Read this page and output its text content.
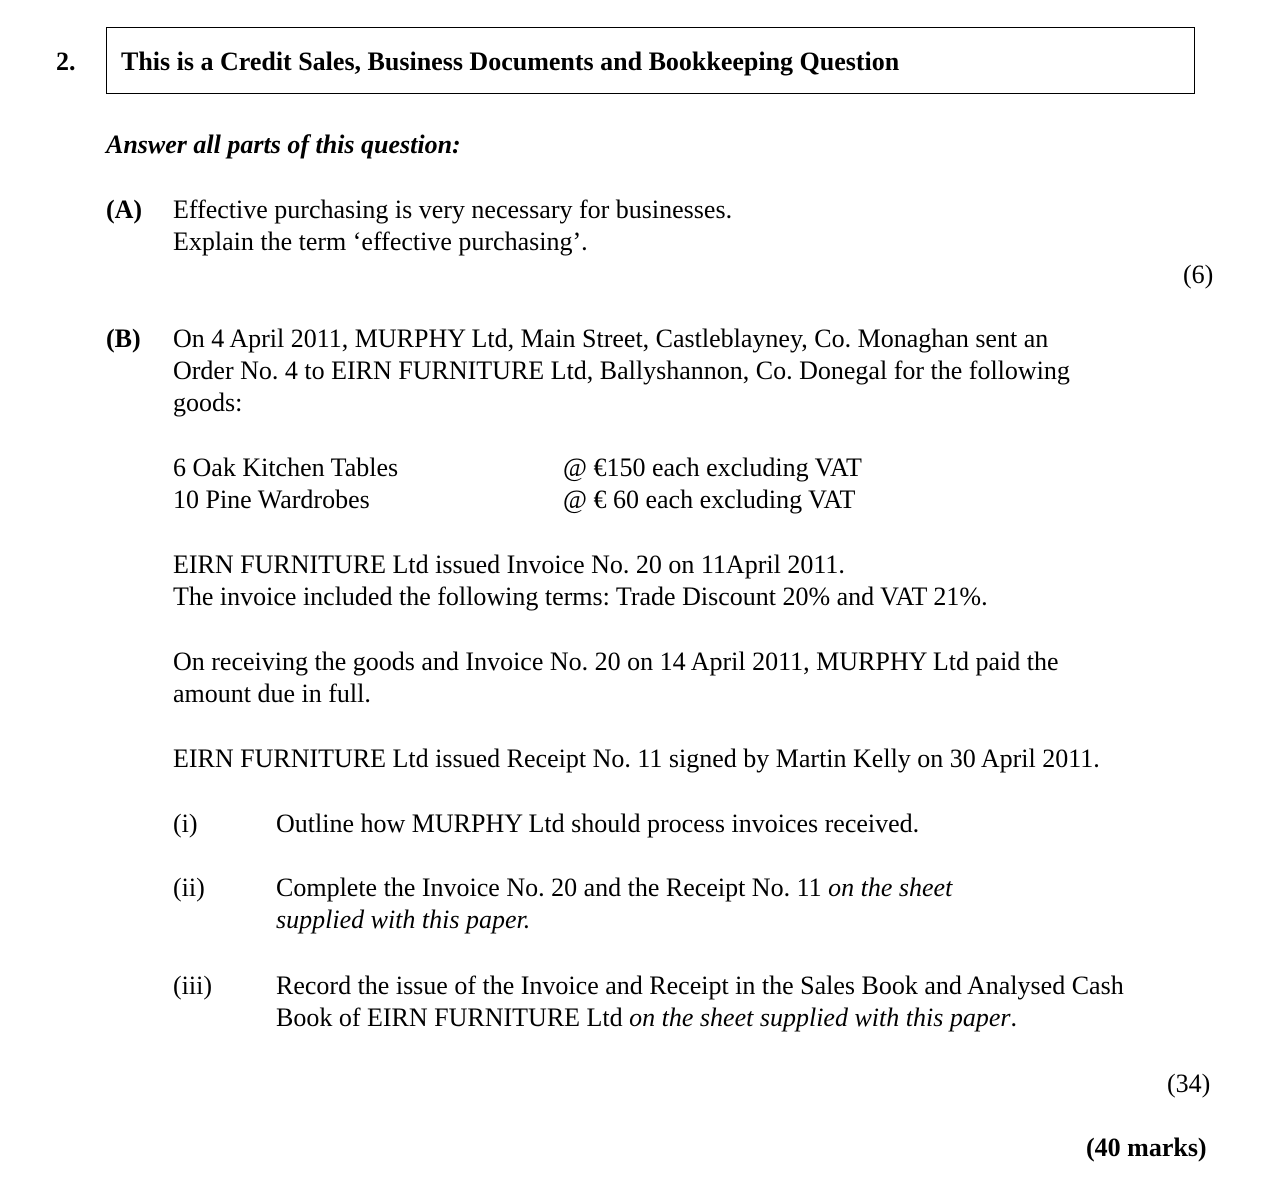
2. This is a Credit Sales, Business Documents and Bookkeeping Question
Answer all parts of this question:
(A) Effective purchasing is very necessary for businesses.
Explain the term ‘effective purchasing’.
(6)
(B) On 4 April 2011, MURPHY Ltd, Main Street, Castleblayney, Co. Monaghan sent an
Order No. 4 to EIRN FURNITURE Ltd, Ballyshannon, Co. Donegal for the following
goods:
6 Oak Kitchen Tables	@ €150 each excluding VAT
10 Pine Wardrobes	@ € 60 each excluding VAT
EIRN FURNITURE Ltd issued Invoice No. 20 on 11April 2011.
The invoice included the following terms: Trade Discount 20% and VAT 21%.
On receiving the goods and Invoice No. 20 on 14 April 2011, MURPHY Ltd paid the
amount due in full.
EIRN FURNITURE Ltd issued Receipt No. 11 signed by Martin Kelly on 30 April 2011.
(i)	Outline how MURPHY Ltd should process invoices received.
(ii)	Complete the Invoice No. 20 and the Receipt No. 11 on the sheet
supplied with this paper.
(iii) Record the issue of the Invoice and Receipt in the Sales Book and Analysed Cash
Book of EIRN FURNITURE Ltd on the sheet supplied with this paper.
(34)
(40 marks)
